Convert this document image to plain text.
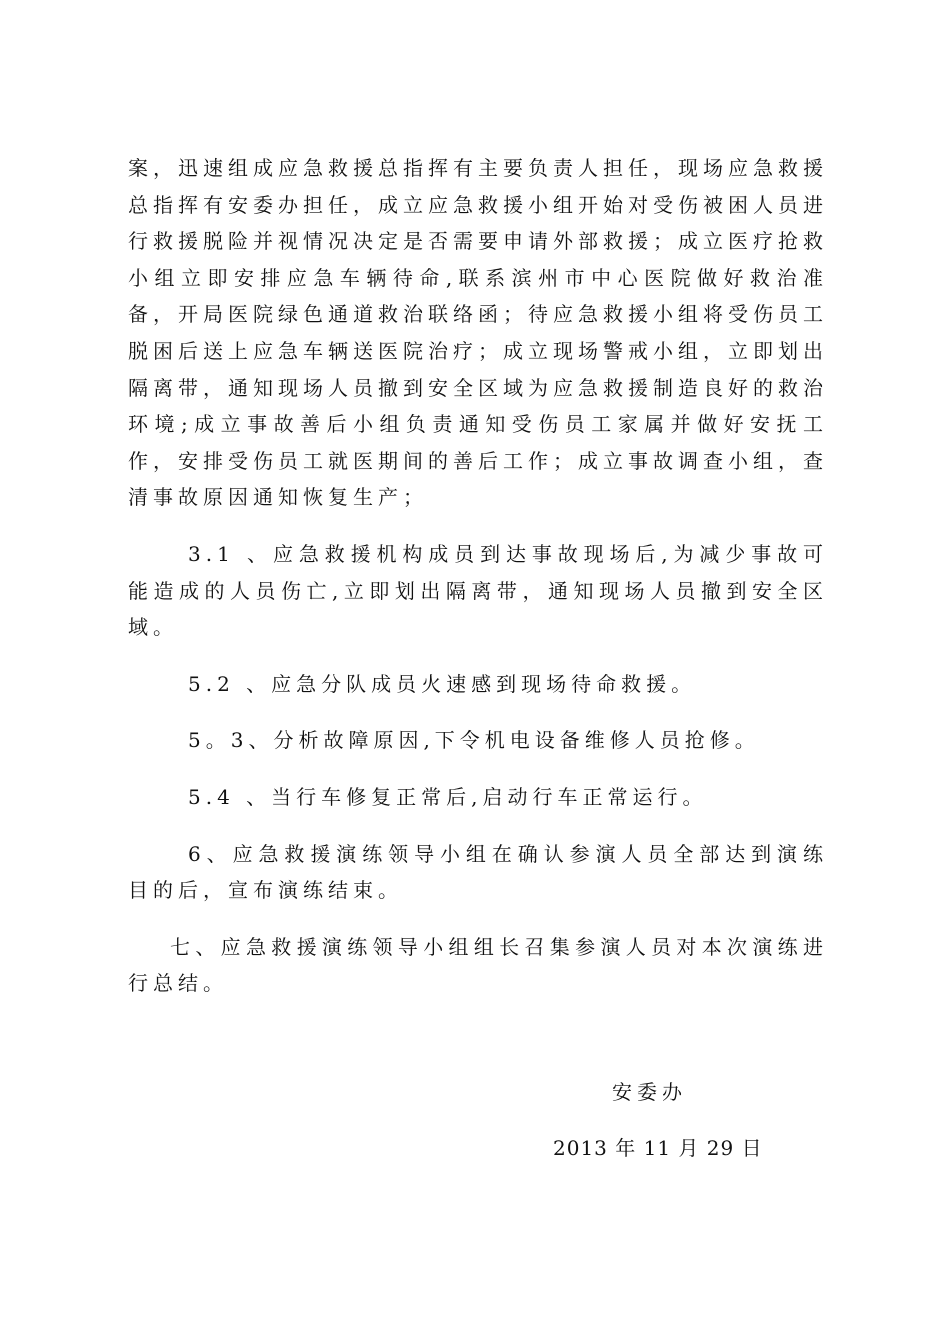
案，迅速组成应急救援总指挥有主要负责人担任，现场应急救援总指挥有安委办担任，成立应急救援小组开始对受伤被困人员进行救援脱险并视情况决定是否需要申请外部救援；成立医疗抢救小组立即安排应急车辆待命,联系滨州市中心医院做好救治准备，开局医院绿色通道救治联络函；待应急救援小组将受伤员工脱困后送上应急车辆送医院治疗；成立现场警戒小组，立即划出隔离带，通知现场人员撤到安全区域为应急救援制造良好的救治环境;成立事故善后小组负责通知受伤员工家属并做好安抚工作，安排受伤员工就医期间的善后工作；成立事故调查小组，查清事故原因通知恢复生产；

3.1 、应急救援机构成员到达事故现场后,为减少事故可能造成的人员伤亡,立即划出隔离带，通知现场人员撤到安全区域。

5.2 、应急分队成员火速感到现场待命救援。

5。3、分析故障原因,下令机电设备维修人员抢修。

5.4 、当行车修复正常后,启动行车正常运行。

6、应急救援演练领导小组在确认参演人员全部达到演练目的后，宣布演练结束。

七、应急救援演练领导小组组长召集参演人员对本次演练进行总结。

安委办
2013 年 11 月 29 日
